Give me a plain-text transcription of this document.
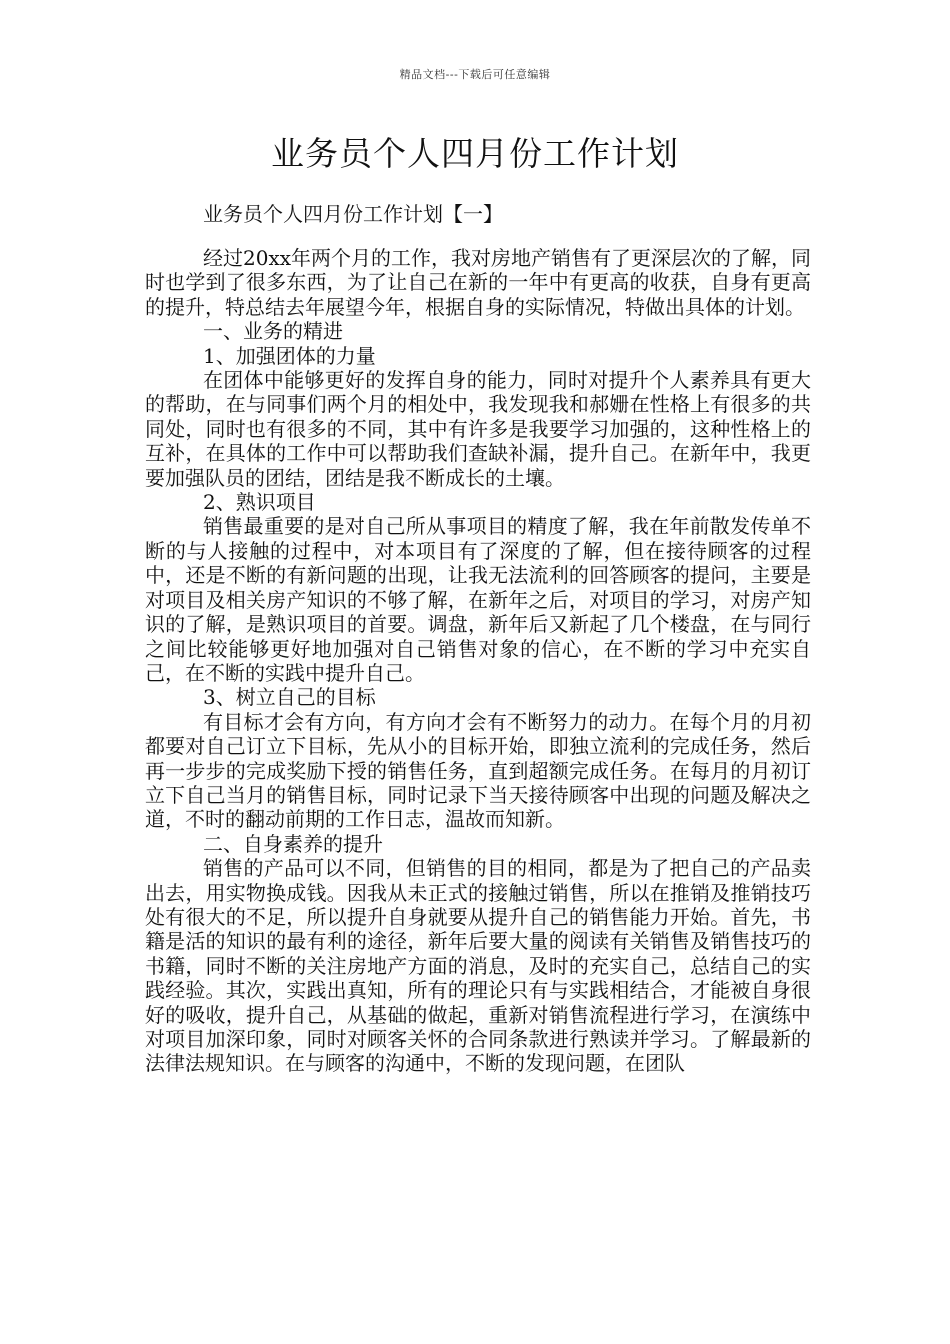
精品文档---下载后可任意编辑
业务员个人四月份工作计划
业务员个人四月份工作计划【一】

经过20xx年两个月的工作，我对房地产销售有了更深层次的了解，同时也学到了很多东西，为了让自己在新的一年中有更高的收获，自身有更高的提升，特总结去年展望今年，根据自身的实际情况，特做出具体的计划。

一、业务的精进

1、加强团体的力量

在团体中能够更好的发挥自身的能力，同时对提升个人素养具有更大的帮助，在与同事们两个月的相处中，我发现我和郝姗在性格上有很多的共同处，同时也有很多的不同，其中有许多是我要学习加强的，这种性格上的互补，在具体的工作中可以帮助我们查缺补漏，提升自己。在新年中，我更要加强队员的团结，团结是我不断成长的土壤。

2、熟识项目

销售最重要的是对自己所从事项目的精度了解，我在年前散发传单不断的与人接触的过程中，对本项目有了深度的了解，但在接待顾客的过程中，还是不断的有新问题的出现，让我无法流利的回答顾客的提问，主要是对项目及相关房产知识的不够了解，在新年之后，对项目的学习，对房产知识的了解，是熟识项目的首要。调盘，新年后又新起了几个楼盘，在与同行之间比较能够更好地加强对自己销售对象的信心，在不断的学习中充实自己，在不断的实践中提升自己。

3、树立自己的目标

有目标才会有方向，有方向才会有不断努力的动力。在每个月的月初都要对自己订立下目标，先从小的目标开始，即独立流利的完成任务，然后再一步步的完成奖励下授的销售任务，直到超额完成任务。在每月的月初订立下自己当月的销售目标，同时记录下当天接待顾客中出现的问题及解决之道，不时的翻动前期的工作日志，温故而知新。

二、自身素养的提升

销售的产品可以不同，但销售的目的相同，都是为了把自己的产品卖出去，用实物换成钱。因我从未正式的接触过销售，所以在推销及推销技巧处有很大的不足，所以提升自身就要从提升自己的销售能力开始。首先，书籍是活的知识的最有利的途径，新年后要大量的阅读有关销售及销售技巧的书籍，同时不断的关注房地产方面的消息，及时的充实自己，总结自己的实践经验。其次，实践出真知，所有的理论只有与实践相结合，才能被自身很好的吸收，提升自己，从基础的做起，重新对销售流程进行学习，在演练中对项目加深印象，同时对顾客关怀的合同条款进行熟读并学习。了解最新的法律法规知识。在与顾客的沟通中，不断的发现问题，在团队
